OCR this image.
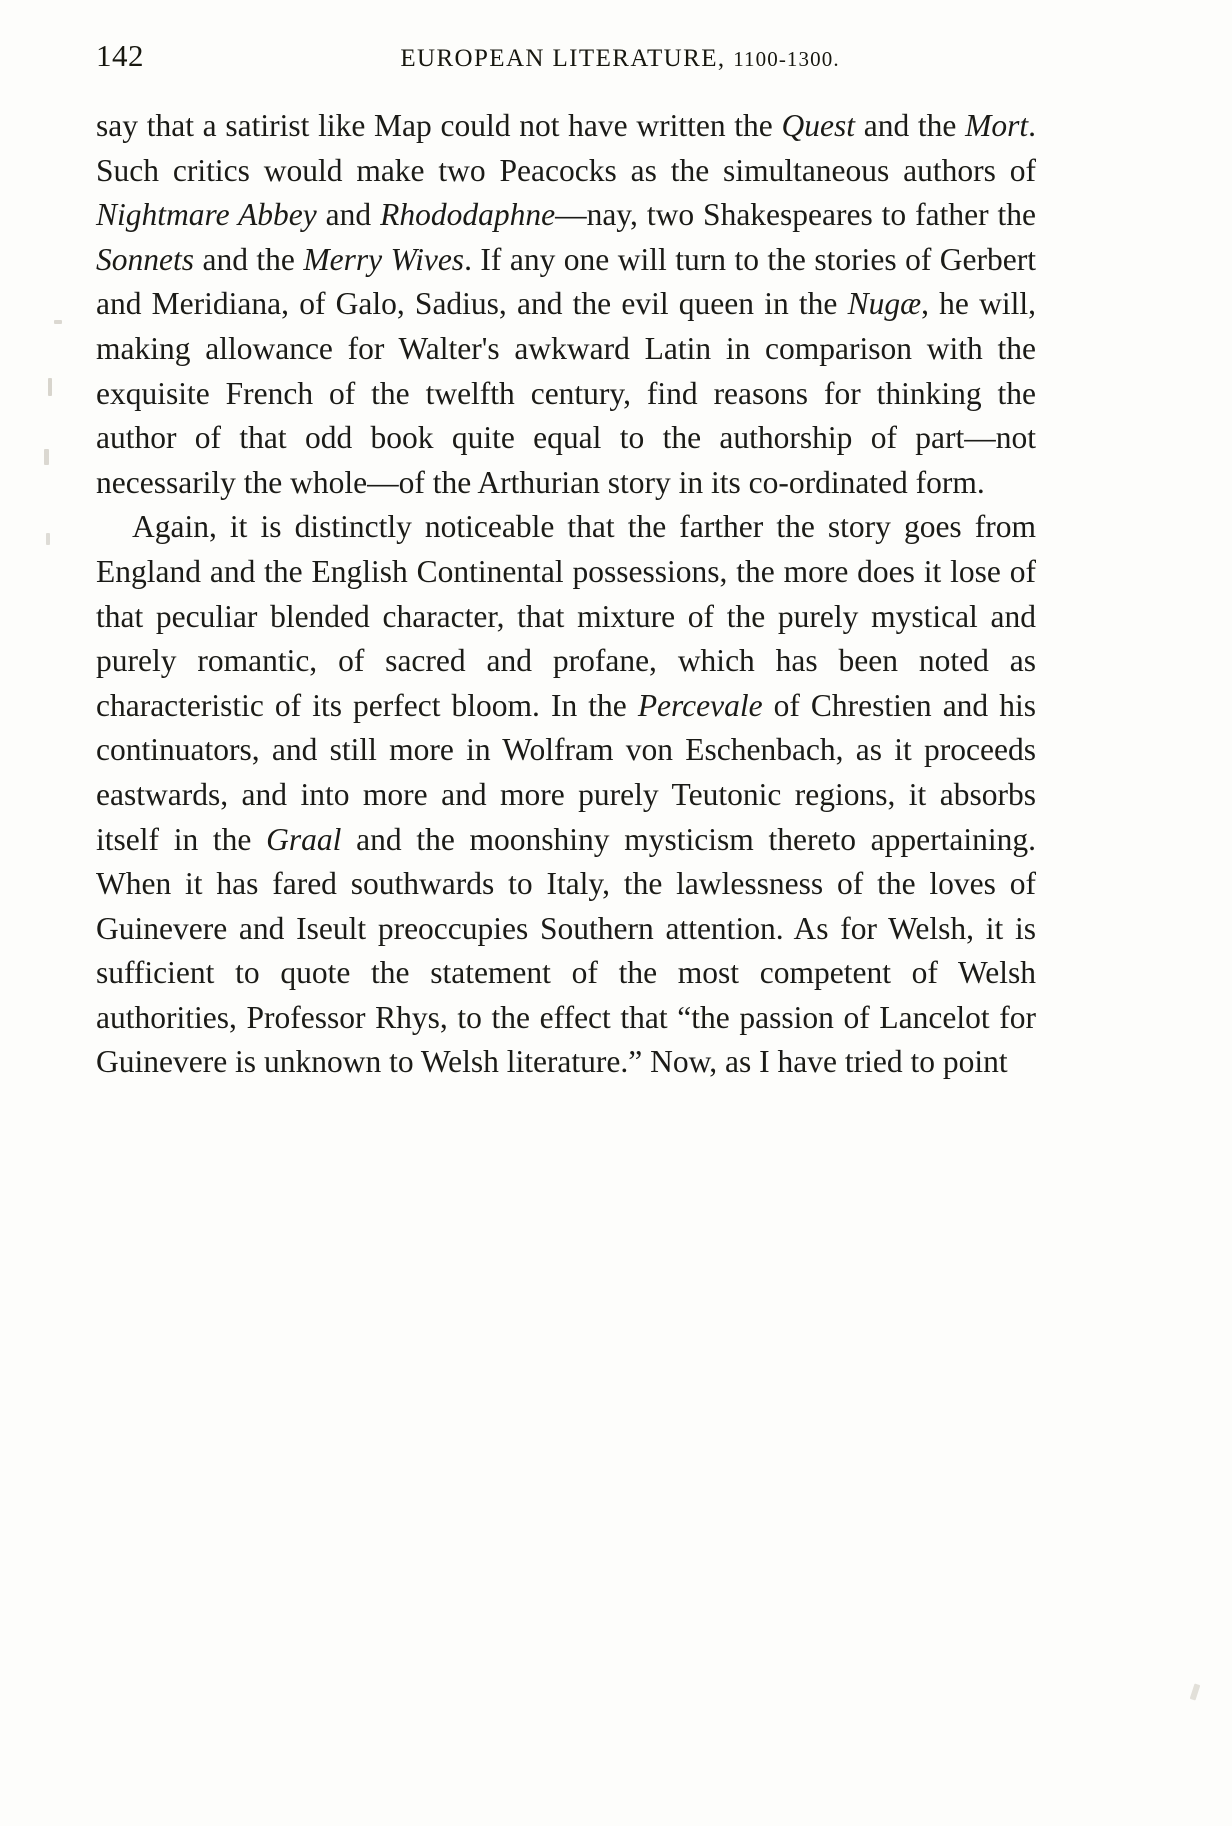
142	EUROPEAN LITERATURE, 1100-1300.

say that a satirist like Map could not have written the Quest and the Mort. Such critics would make two Peacocks as the simultaneous authors of Nightmare Abbey and Rhododaphne—nay, two Shakespeares to father the Sonnets and the Merry Wives. If any one will turn to the stories of Gerbert and Meridiana, of Galo, Sadius, and the evil queen in the Nugæ, he will, making allowance for Walter's awkward Latin in comparison with the exquisite French of the twelfth century, find reasons for thinking the author of that odd book quite equal to the authorship of part—not necessarily the whole—of the Arthurian story in its co-ordinated form.

Again, it is distinctly noticeable that the farther the story goes from England and the English Continental possessions, the more does it lose of that peculiar blended character, that mixture of the purely mystical and purely romantic, of sacred and profane, which has been noted as characteristic of its perfect bloom. In the Percevale of Chrestien and his continuators, and still more in Wolfram von Eschenbach, as it proceeds eastwards, and into more and more purely Teutonic regions, it absorbs itself in the Graal and the moonshiny mysticism thereto appertaining. When it has fared southwards to Italy, the lawlessness of the loves of Guinevere and Iseult preoccupies Southern attention. As for Welsh, it is sufficient to quote the statement of the most competent of Welsh authorities, Professor Rhys, to the effect that “the passion of Lancelot for Guinevere is unknown to Welsh literature.” Now, as I have tried to point
